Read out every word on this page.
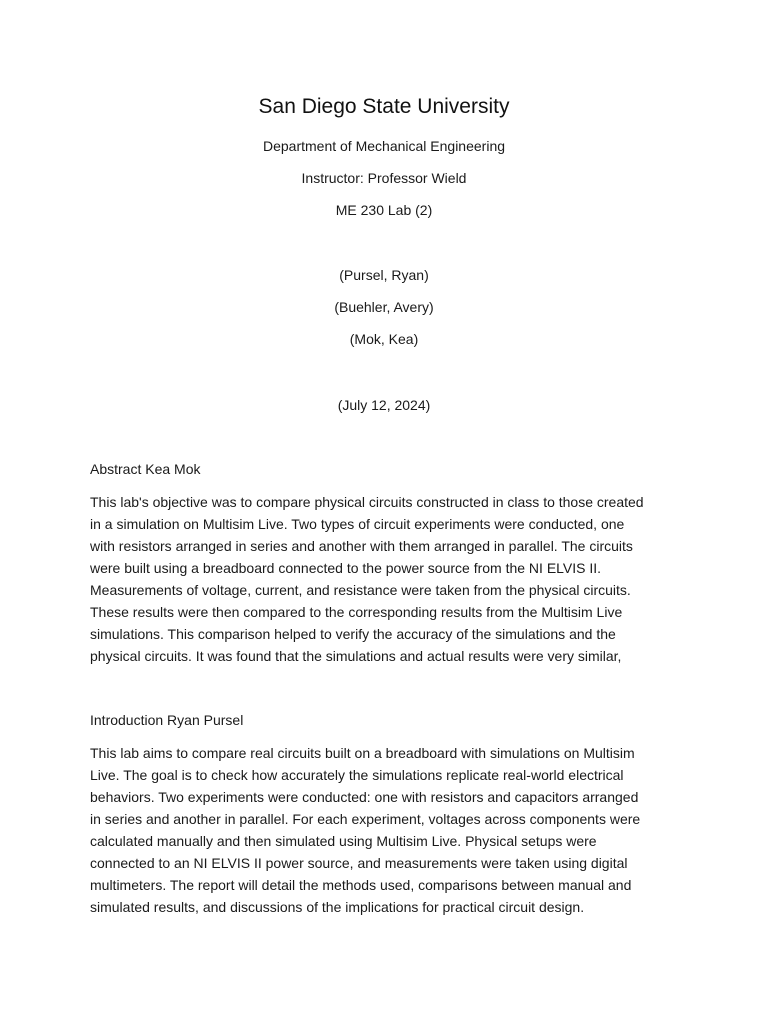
San Diego State University
Department of Mechanical Engineering
Instructor: Professor Wield
ME 230 Lab (2)
(Pursel, Ryan)
(Buehler, Avery)
(Mok, Kea)
(July 12, 2024)
Abstract Kea Mok
This lab's objective was to compare physical circuits constructed in class to those created
in a simulation on Multisim Live. Two types of circuit experiments were conducted, one
with resistors arranged in series and another with them arranged in parallel. The circuits
were built using a breadboard connected to the power source from the NI ELVIS II.
Measurements of voltage, current, and resistance were taken from the physical circuits.
These results were then compared to the corresponding results from the Multisim Live
simulations. This comparison helped to verify the accuracy of the simulations and the
physical circuits. It was found that the simulations and actual results were very similar,
Introduction Ryan Pursel
This lab aims to compare real circuits built on a breadboard with simulations on Multisim
Live. The goal is to check how accurately the simulations replicate real-world electrical
behaviors. Two experiments were conducted: one with resistors and capacitors arranged
in series and another in parallel. For each experiment, voltages across components were
calculated manually and then simulated using Multisim Live. Physical setups were
connected to an NI ELVIS II power source, and measurements were taken using digital
multimeters. The report will detail the methods used, comparisons between manual and
simulated results, and discussions of the implications for practical circuit design.
